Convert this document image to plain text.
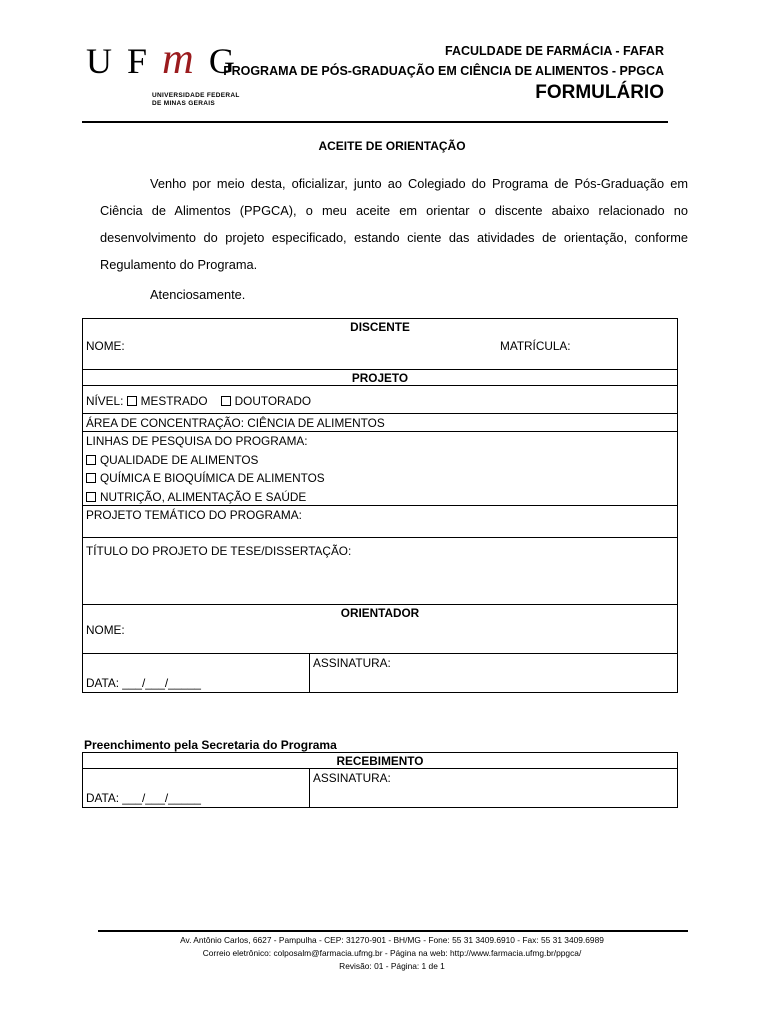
U F m G
UNIVERSIDADE FEDERAL
DE MINAS GERAIS
FACULDADE DE FARMÁCIA - FAFAR
PROGRAMA DE PÓS-GRADUAÇÃO EM CIÊNCIA DE ALIMENTOS - PPGCA
FORMULÁRIO
ACEITE DE ORIENTAÇÃO
Venho por meio desta, oficializar, junto ao Colegiado do Programa de Pós-Graduação em Ciência de Alimentos (PPGCA), o meu aceite em orientar o discente abaixo relacionado no desenvolvimento do projeto especificado, estando ciente das atividades de orientação, conforme Regulamento do Programa.
Atenciosamente.
DISCENTE
NOME:	MATRÍCULA:
PROJETO
NÍVEL: MESTRADO DOUTORADO
ÁREA DE CONCENTRAÇÃO: CIÊNCIA DE ALIMENTOS
LINHAS DE PESQUISA DO PROGRAMA:
QUALIDADE DE ALIMENTOS
QUÍMICA E BIOQUÍMICA DE ALIMENTOS
NUTRIÇÃO, ALIMENTAÇÃO E SAÚDE
PROJETO TEMÁTICO DO PROGRAMA:
TÍTULO DO PROJETO DE TESE/DISSERTAÇÃO:
ORIENTADOR
NOME:
DATA: ___/___/_____
ASSINATURA:
Preenchimento pela Secretaria do Programa
RECEBIMENTO
DATA: ___/___/_____
ASSINATURA:
Av. Antônio Carlos, 6627 - Pampulha - CEP: 31270-901 - BH/MG - Fone: 55 31 3409.6910 - Fax: 55 31 3409.6989
Correio eletrônico: colposalm@farmacia.ufmg.br - Página na web: http://www.farmacia.ufmg.br/ppgca/
Revisão: 01 - Página: 1 de 1
